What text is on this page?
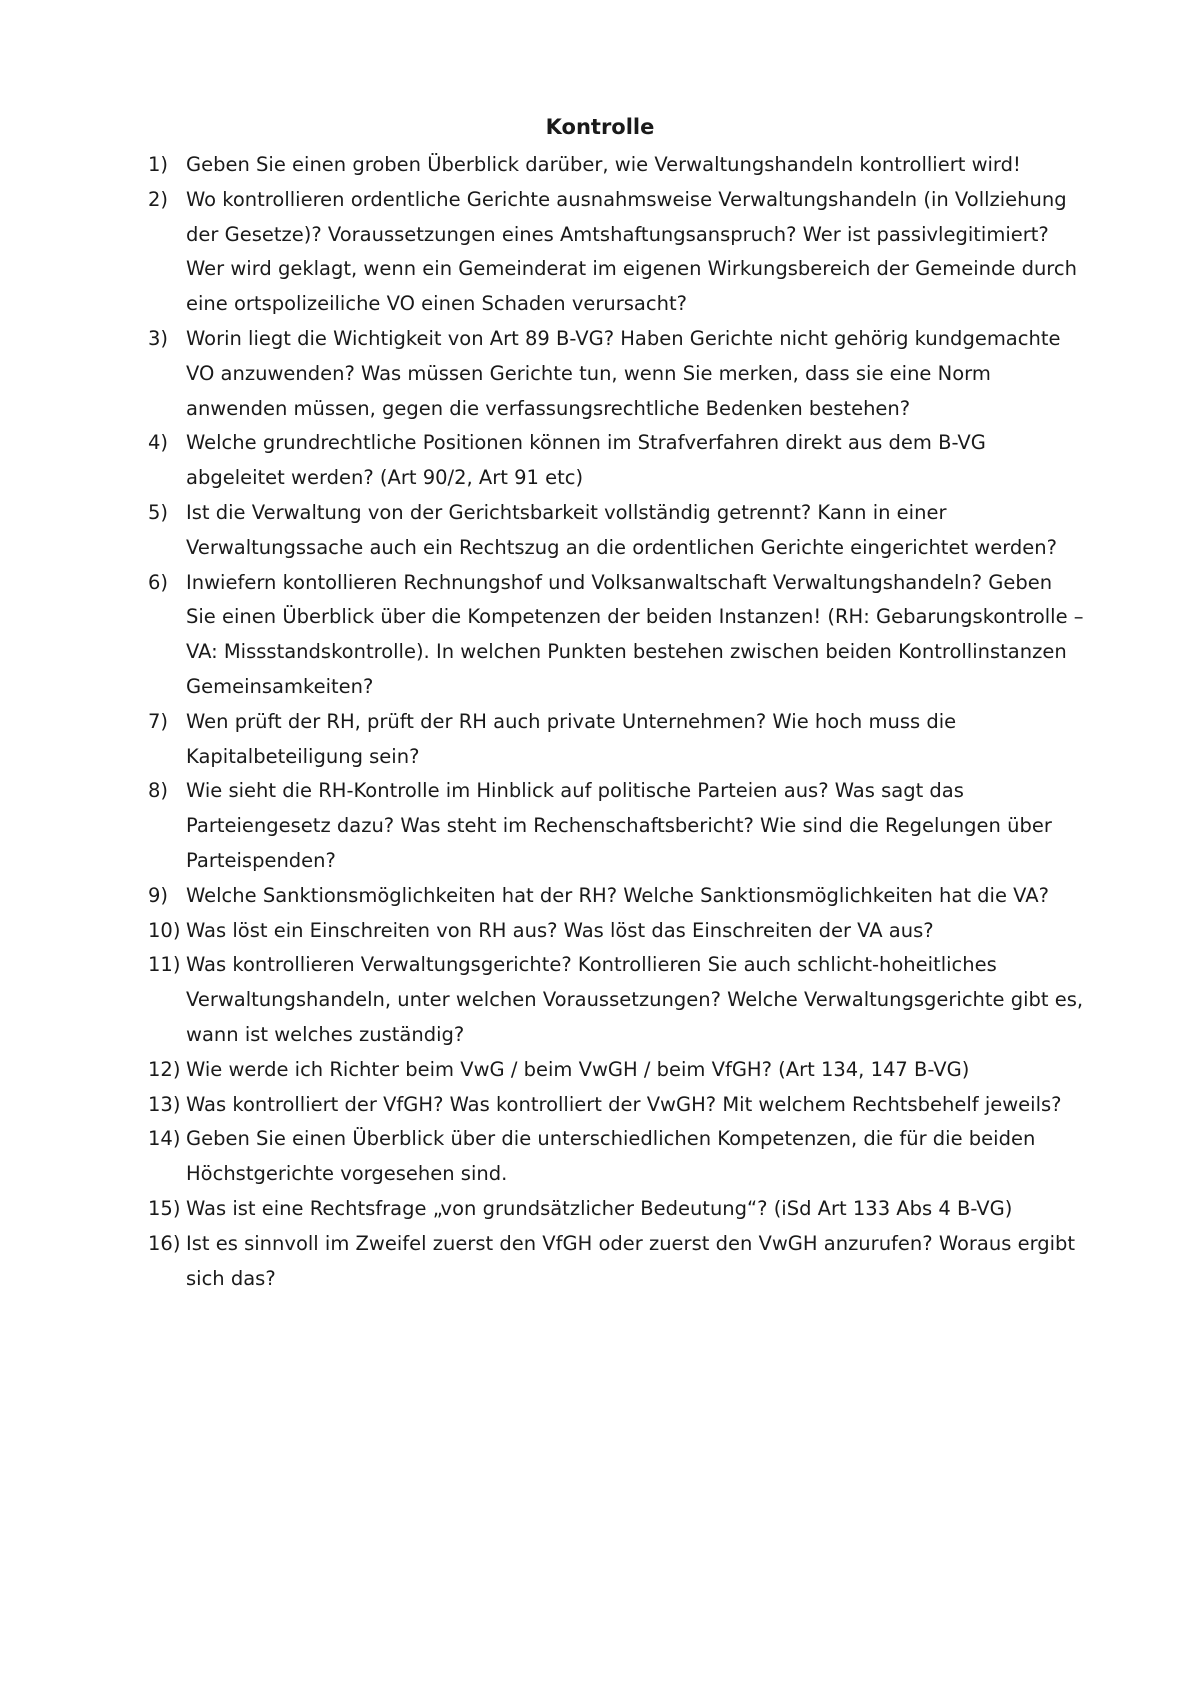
Kontrolle
1) Geben Sie einen groben Überblick darüber, wie Verwaltungshandeln kontrolliert wird!
2) Wo kontrollieren ordentliche Gerichte ausnahmsweise Verwaltungshandeln (in Vollziehung der Gesetze)? Voraussetzungen eines Amtshaftungsanspruch? Wer ist passivlegitimiert? Wer wird geklagt, wenn ein Gemeinderat im eigenen Wirkungsbereich der Gemeinde durch eine ortspolizeiliche VO einen Schaden verursacht?
3) Worin liegt die Wichtigkeit von Art 89 B-VG? Haben Gerichte nicht gehörig kundgemachte VO anzuwenden? Was müssen Gerichte tun, wenn Sie merken, dass sie eine Norm anwenden müssen, gegen die verfassungsrechtliche Bedenken bestehen?
4) Welche grundrechtliche Positionen können im Strafverfahren direkt aus dem B-VG abgeleitet werden? (Art 90/2, Art 91 etc)
5) Ist die Verwaltung von der Gerichtsbarkeit vollständig getrennt? Kann in einer Verwaltungssache auch ein Rechtszug an die ordentlichen Gerichte eingerichtet werden?
6) Inwiefern kontollieren Rechnungshof und Volksanwaltschaft Verwaltungshandeln? Geben Sie einen Überblick über die Kompetenzen der beiden Instanzen! (RH: Gebarungskontrolle – VA: Missstandskontrolle). In welchen Punkten bestehen zwischen beiden Kontrollinstanzen Gemeinsamkeiten?
7) Wen prüft der RH, prüft der RH auch private Unternehmen? Wie hoch muss die Kapitalbeteiligung sein?
8) Wie sieht die RH-Kontrolle im Hinblick auf politische Parteien aus? Was sagt das Parteiengesetz dazu? Was steht im Rechenschaftsbericht? Wie sind die Regelungen über Parteispenden?
9) Welche Sanktionsmöglichkeiten hat der RH? Welche Sanktionsmöglichkeiten hat die VA?
10) Was löst ein Einschreiten von RH aus? Was löst das Einschreiten der VA aus?
11) Was kontrollieren Verwaltungsgerichte? Kontrollieren Sie auch schlicht-hoheitliches Verwaltungshandeln, unter welchen Voraussetzungen? Welche Verwaltungsgerichte gibt es, wann ist welches zuständig?
12) Wie werde ich Richter beim VwG / beim VwGH / beim VfGH? (Art 134, 147 B-VG)
13) Was kontrolliert der VfGH? Was kontrolliert der VwGH? Mit welchem Rechtsbehelf jeweils?
14) Geben Sie einen Überblick über die unterschiedlichen Kompetenzen, die für die beiden Höchstgerichte vorgesehen sind.
15) Was ist eine Rechtsfrage „von grundsätzlicher Bedeutung“? (iSd Art 133 Abs 4 B-VG)
16) Ist es sinnvoll im Zweifel zuerst den VfGH oder zuerst den VwGH anzurufen? Woraus ergibt sich das?
